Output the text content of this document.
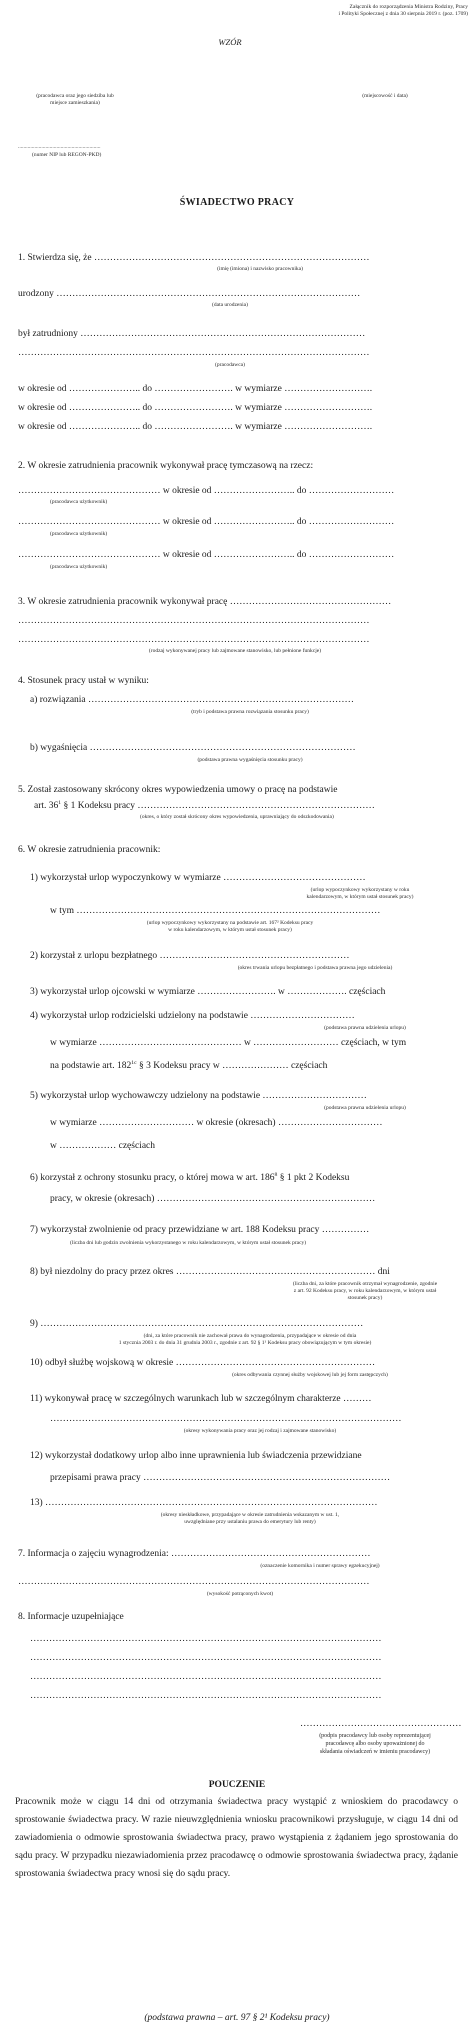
Załącznik do rozporządzenia Ministra Rodziny, Pracy
i Polityki Społecznej z dnia 30 sierpnia 2019 r. (poz. 1709)
WZÓR
(pracodawca oraz jego siedziba lub
miejsce zamieszkania)
(miejscowość i data)
............................................................
(numer NIP lub REGON-PKD)
ŚWIADECTWO PRACY
1. Stwierdza się, że ……………………………………………………………………………
(imię (imiona) i nazwisko pracownika)
urodzony ……………………………………………………………………………………
(data urodzenia)
był zatrudniony ………………………………………………………………………………
…………………………………………………………………………………………………
(pracodawca)
w okresie od ………………….. do ……………………. w wymiarze ……………………….
w okresie od ………………….. do ……………………. w wymiarze ……………………….
w okresie od ………………….. do ……………………. w wymiarze ……………………….
2. W okresie zatrudnienia pracownik wykonywał pracę tymczasową na rzecz:
……………………………………… w okresie od …………………….. do ………………………
(pracodawca użytkownik)
……………………………………… w okresie od …………………….. do ………………………
(pracodawca użytkownik)
……………………………………… w okresie od …………………….. do ………………………
(pracodawca użytkownik)
3. W okresie zatrudnienia pracownik wykonywał pracę ……………………………………………
…………………………………………………………………………………………………
…………………………………………………………………………………………………
(rodzaj wykonywanej pracy lub zajmowane stanowisko, lub pełnione funkcje)
4. Stosunek pracy ustał w wyniku:
a) rozwiązania …………………………………………………………………………
(tryb i podstawa prawna rozwiązania stosunku pracy)
b) wygaśnięcia …………………………………………………………………………
(podstawa prawna wygaśnięcia stosunku pracy)
5. Został zastosowany skrócony okres wypowiedzenia umowy o pracę na podstawie
art. $36^1$ § 1 Kodeksu pracy …………………………………………………………………
(okres, o który został skrócony okres wypowiedzenia, uprawniający do odszkodowania)
6. W okresie zatrudnienia pracownik:
1) wykorzystał urlop wypoczynkowy w wymiarze ………………………………………
(urlop wypoczynkowy wykorzystany w roku
kalendarzowym, w którym ustał stosunek pracy)
w tym ……………………………………………………………………………………
(urlop wypoczynkowy wykorzystany na podstawie art. 167² Kodeksu pracy
w roku kalendarzowym, w którym ustał stosunek pracy)
2) korzystał z urlopu bezpłatnego ……………………………………………………
(okres trwania urlopu bezpłatnego i podstawa prawna jego udzielenia)
3) wykorzystał urlop ojcowski w wymiarze ……………………. w ………………. częściach
4) wykorzystał urlop rodzicielski udzielony na podstawie ……………………………
(podstawa prawna udzielenia urlopu)
w wymiarze ……………………………………… w ……………………… częściach, w tym
na podstawie art. $182^{1c}$ § 3 Kodeksu pracy w ………………… częściach
5) wykorzystał urlop wychowawczy udzielony na podstawie ……………………………
(podstawa prawna udzielenia urlopu)
w wymiarze ………………………… w okresie (okresach) ……………………………
w ……………… częściach
6) korzystał z ochrony stosunku pracy, o której mowa w art. $186^8$ § 1 pkt 2 Kodeksu
pracy, w okresie (okresach) ……………………………………………………………
7) wykorzystał zwolnienie od pracy przewidziane w art. 188 Kodeksu pracy ……………
(liczba dni lub godzin zwolnienia wykorzystanego w roku kalendarzowym, w którym ustał stosunek pracy)
8) był niezdolny do pracy przez okres ……………………………………………………… dni
(liczba dni, za które pracownik otrzymał wynagrodzenie, zgodnie
z art. 92 Kodeksu pracy, w roku kalendarzowym, w którym ustał
stosunek pracy)
9) …………………………………………………………………………………………
(dni, za które pracownik nie zachował prawa do wynagrodzenia, przypadające w okresie od dnia
1 stycznia 2003 r. do dnia 31 grudnia 2003 r., zgodnie z art. 92 § 1¹ Kodeksu pracy obowiązującym w tym okresie)
10) odbył służbę wojskową w okresie ………………………………………………………
(okres odbywania czynnej służby wojskowej lub jej form zastępczych)
11) wykonywał pracę w szczególnych warunkach lub w szczególnym charakterze ………
…………………………………………………………………………………………………
(okresy wykonywania pracy oraz jej rodzaj i zajmowane stanowisko)
12) wykorzystał dodatkowy urlop albo inne uprawnienia lub świadczenia przewidziane
przepisami prawa pracy ……………………………………………………………………
13) ……………………………………………………………………………………………
(okresy nieskładkowe, przypadające w okresie zatrudnienia wskazanym w ust. 1,
uwzględniane przy ustalaniu prawa do emerytury lub renty)
7. Informacja o zajęciu wynagrodzenia: ………………………………………………………
(oznaczenie komornika i numer sprawy egzekucyjnej)
…………………………………………………………………………………………………
(wysokość potrąconych kwot)
8. Informacje uzupełniające
…………………………………………………………………………………………………
…………………………………………………………………………………………………
…………………………………………………………………………………………………
…………………………………………………………………………………………………
……………………………………………
(podpis pracodawcy lub osoby reprezentującej
pracodawcę albo osoby upoważnionej do
składania oświadczeń w imieniu pracodawcy)
POUCZENIE
Pracownik może w ciągu 14 dni od otrzymania świadectwa pracy wystąpić z wnioskiem do pracodawcy o sprostowanie świadectwa pracy. W razie nieuwzględnienia wniosku pracownikowi przysługuje, w ciągu 14 dni od zawiadomienia o odmowie sprostowania świadectwa pracy, prawo wystąpienia z żądaniem jego sprostowania do sądu pracy. W przypadku niezawiadomienia przez pracodawcę o odmowie sprostowania świadectwa pracy, żądanie sprostowania świadectwa pracy wnosi się do sądu pracy.
(podstawa prawna – art. 97 § 2¹ Kodeksu pracy)
